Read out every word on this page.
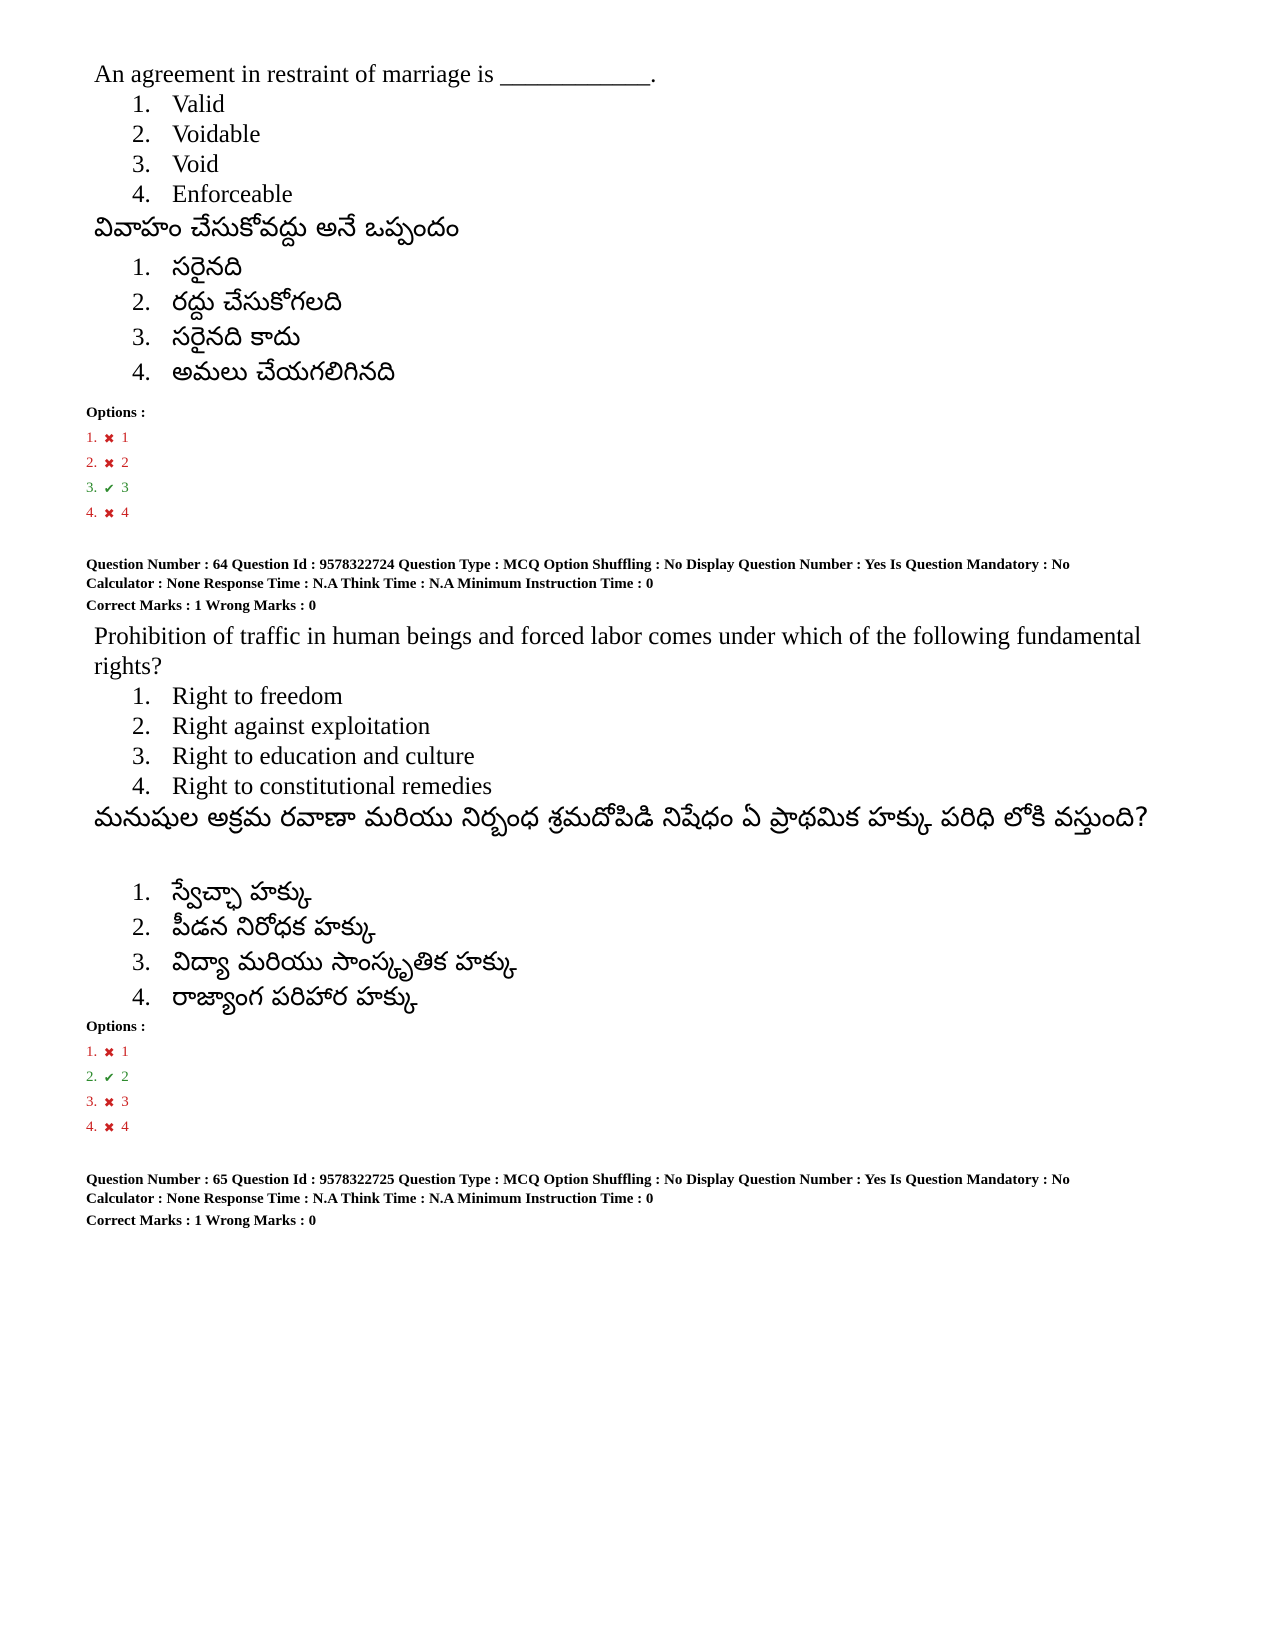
An agreement in restraint of marriage is ____________.
1. Valid
2. Voidable
3. Void
4. Enforceable
వివాహం చేసుకోవద్దు అనే ఒప్పందం
1. సరైనది
2. రద్దు చేసుకోగలది
3. సరైనది కాదు
4. అమలు చేయగలిగినది
Options :
1. ✖ 1
2. ✖ 2
3. ✔ 3
4. ✖ 4
Question Number : 64 Question Id : 9578322724 Question Type : MCQ Option Shuffling : No Display Question Number : Yes Is Question Mandatory : No
Calculator : None Response Time : N.A Think Time : N.A Minimum Instruction Time : 0
Correct Marks : 1 Wrong Marks : 0
Prohibition of traffic in human beings and forced labor comes under which of the following fundamental rights?
1. Right to freedom
2. Right against exploitation
3. Right to education and culture
4. Right to constitutional remedies
మనుషుల అక్రమ రవాణా మరియు నిర్బంధ శ్రమదోపిడి నిషేధం ఏ ప్రాథమిక హక్కు పరిధి లోకి వస్తుంది?
1. స్వేచ్ఛా హక్కు
2. పీడన నిరోధక హక్కు
3. విద్యా మరియు సాంస్కృతిక హక్కు
4. రాజ్యాంగ పరిహార హక్కు
Options :
1. ✖ 1
2. ✔ 2
3. ✖ 3
4. ✖ 4
Question Number : 65 Question Id : 9578322725 Question Type : MCQ Option Shuffling : No Display Question Number : Yes Is Question Mandatory : No
Calculator : None Response Time : N.A Think Time : N.A Minimum Instruction Time : 0
Correct Marks : 1 Wrong Marks : 0
